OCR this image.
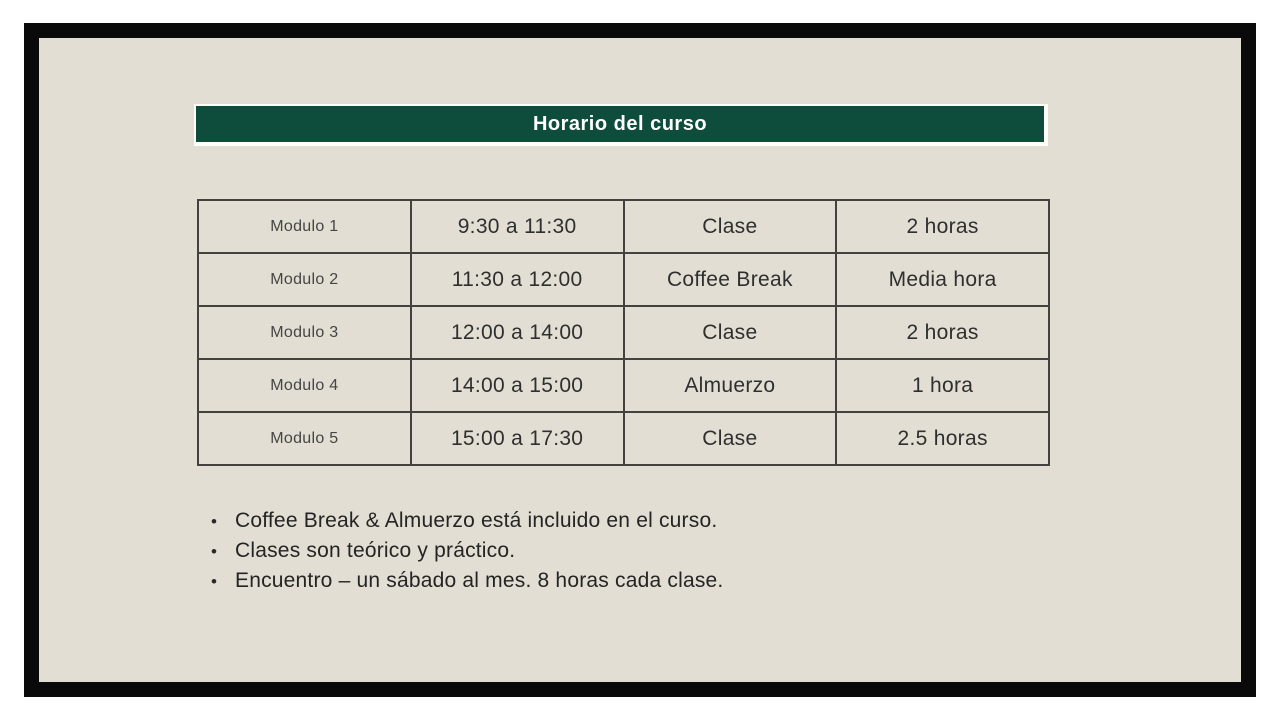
Horario del curso
Modulo 1	9:30 a 11:30	Clase	2 horas
Modulo 2	11:30 a 12:00	Coffee Break	Media hora
Modulo 3	12:00 a 14:00	Clase	2 horas
Modulo 4	14:00 a 15:00	Almuerzo	1 hora
Modulo 5	15:00 a 17:30	Clase	2.5 horas
• Coffee Break & Almuerzo está incluido en el curso.
• Clases son teórico y práctico.
• Encuentro – un sábado al mes. 8 horas cada clase.
